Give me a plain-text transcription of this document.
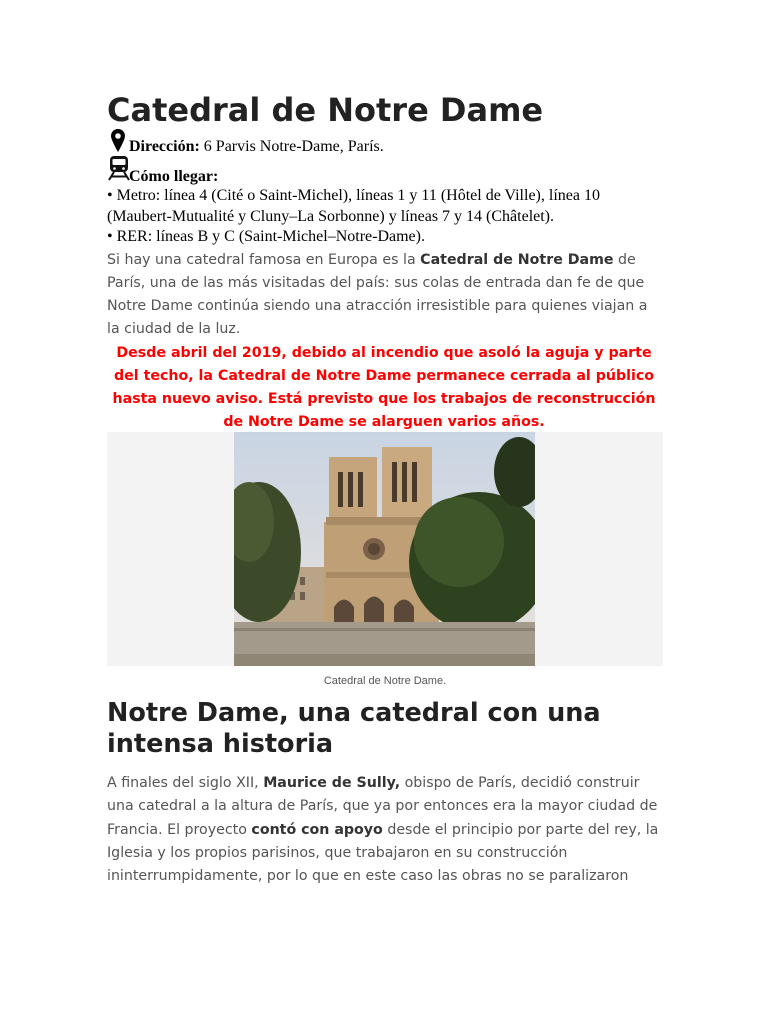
Catedral de Notre Dame
Dirección: 6 Parvis Notre-Dame, París.
Cómo llegar:
• Metro: línea 4 (Cité o Saint-Michel), líneas 1 y 11 (Hôtel de Ville), línea 10 (Maubert-Mutualité y Cluny–La Sorbonne) y líneas 7 y 14 (Châtelet).
• RER: líneas B y C (Saint-Michel–Notre-Dame).
Si hay una catedral famosa en Europa es la Catedral de Notre Dame de París, una de las más visitadas del país: sus colas de entrada dan fe de que Notre Dame continúa siendo una atracción irresistible para quienes viajan a la ciudad de la luz.
Desde abril del 2019, debido al incendio que asoló la aguja y parte del techo, la Catedral de Notre Dame permanece cerrada al público hasta nuevo aviso. Está previsto que los trabajos de reconstrucción de Notre Dame se alarguen varios años.
Catedral de Notre Dame.
Notre Dame, una catedral con una intensa historia
A finales del siglo XII, Maurice de Sully, obispo de París, decidió construir una catedral a la altura de París, que ya por entonces era la mayor ciudad de Francia. El proyecto contó con apoyo desde el principio por parte del rey, la Iglesia y los propios parisinos, que trabajaron en su construcción ininterrumpidamente, por lo que en este caso las obras no se paralizaron
